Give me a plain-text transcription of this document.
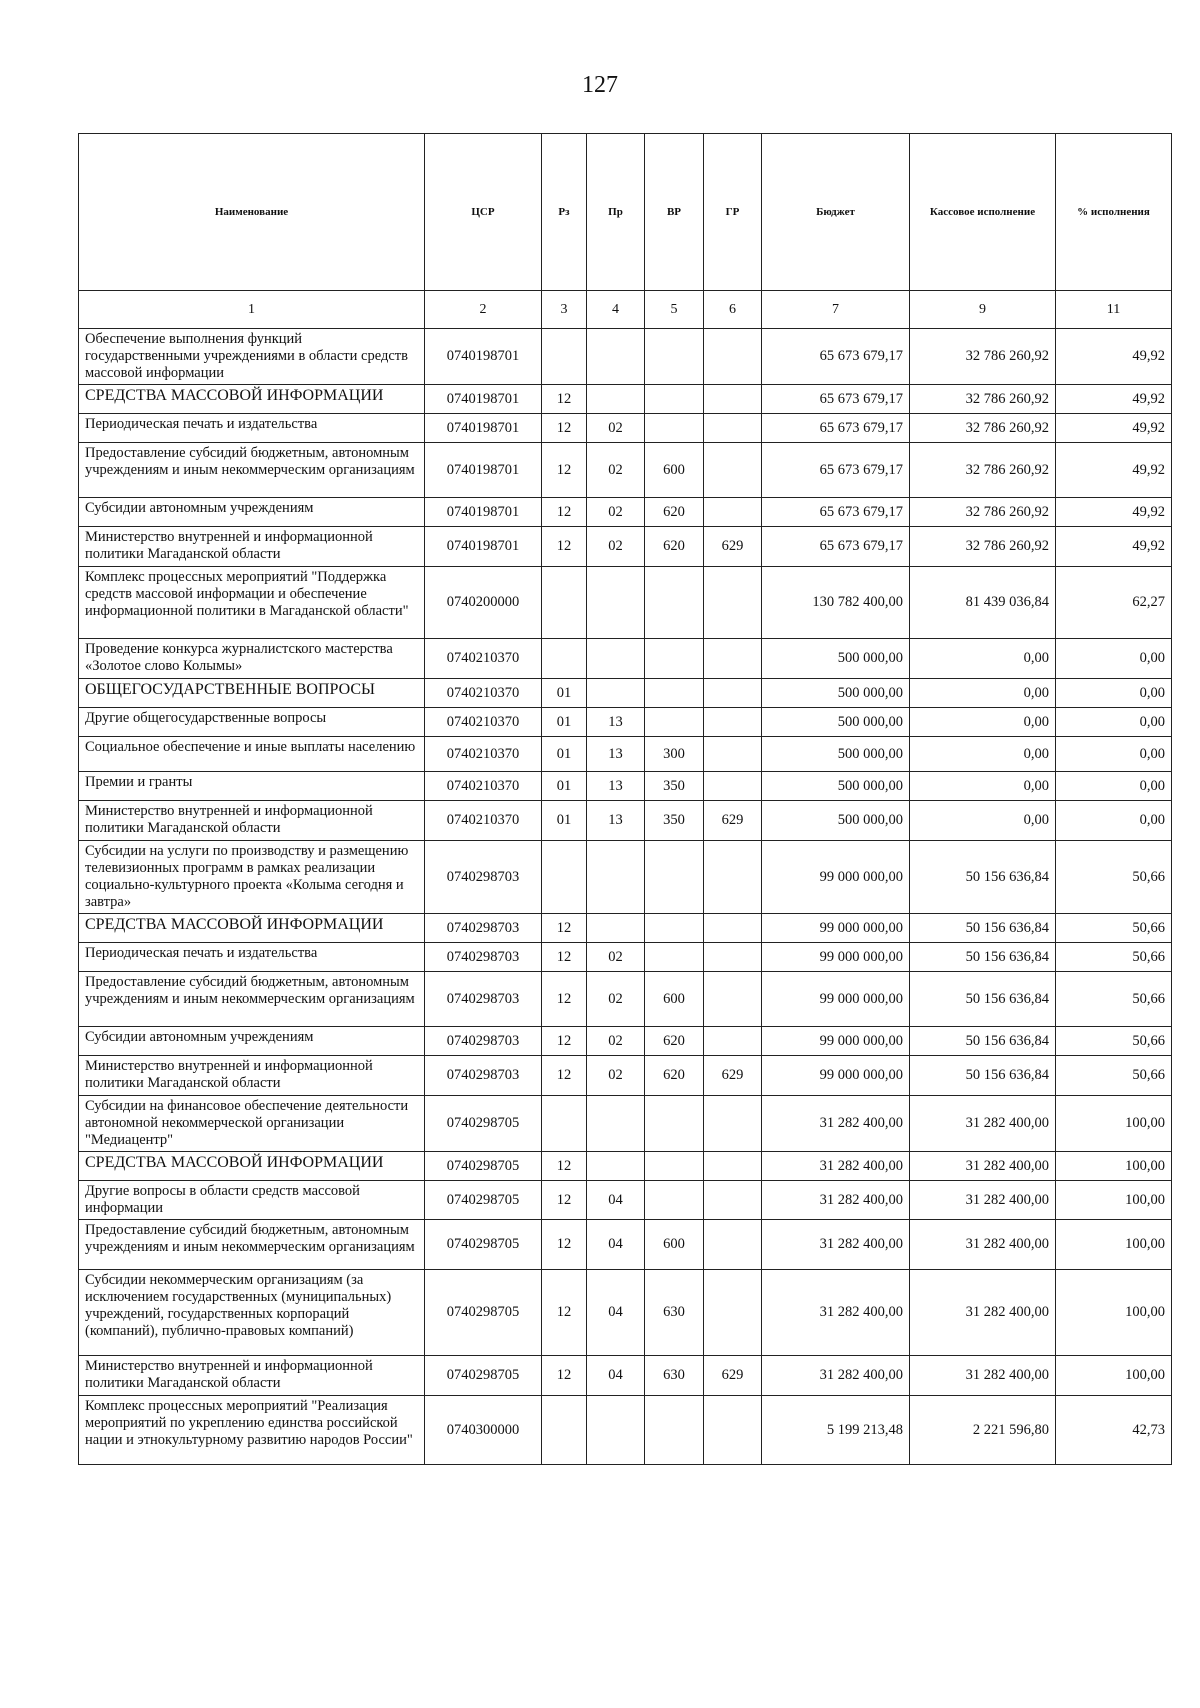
127
Наименование	ЦСР	Рз	Пр	ВР	ГР	Бюджет	Кассовое исполнение	% исполнения
1	2	3	4	5	6	7	9	11
Обеспечение выполнения функций государственными учреждениями в области средств массовой информации	0740198701					65 673 679,17	32 786 260,92	49,92
СРЕДСТВА МАССОВОЙ ИНФОРМАЦИИ	0740198701	12				65 673 679,17	32 786 260,92	49,92
Периодическая печать и издательства	0740198701	12	02			65 673 679,17	32 786 260,92	49,92
Предоставление субсидий бюджетным, автономным учреждениям и иным некоммерческим организациям	0740198701	12	02	600		65 673 679,17	32 786 260,92	49,92
Субсидии автономным учреждениям	0740198701	12	02	620		65 673 679,17	32 786 260,92	49,92
Министерство внутренней и информационной политики Магаданской области	0740198701	12	02	620	629	65 673 679,17	32 786 260,92	49,92
Комплекс процессных мероприятий "Поддержка средств массовой информации и обеспечение информационной политики в Магаданской области"	0740200000					130 782 400,00	81 439 036,84	62,27
Проведение конкурса журналистского мастерства «Золотое слово Колымы»	0740210370					500 000,00	0,00	0,00
ОБЩЕГОСУДАРСТВЕННЫЕ ВОПРОСЫ	0740210370	01				500 000,00	0,00	0,00
Другие общегосударственные вопросы	0740210370	01	13			500 000,00	0,00	0,00
Социальное обеспечение и иные выплаты населению	0740210370	01	13	300		500 000,00	0,00	0,00
Премии и гранты	0740210370	01	13	350		500 000,00	0,00	0,00
Министерство внутренней и информационной политики Магаданской области	0740210370	01	13	350	629	500 000,00	0,00	0,00
Субсидии на услуги по производству и размещению телевизионных программ в рамках реализации социально-культурного проекта «Колыма сегодня и завтра»	0740298703					99 000 000,00	50 156 636,84	50,66
СРЕДСТВА МАССОВОЙ ИНФОРМАЦИИ	0740298703	12				99 000 000,00	50 156 636,84	50,66
Периодическая печать и издательства	0740298703	12	02			99 000 000,00	50 156 636,84	50,66
Предоставление субсидий бюджетным, автономным учреждениям и иным некоммерческим организациям	0740298703	12	02	600		99 000 000,00	50 156 636,84	50,66
Субсидии автономным учреждениям	0740298703	12	02	620		99 000 000,00	50 156 636,84	50,66
Министерство внутренней и информационной политики Магаданской области	0740298703	12	02	620	629	99 000 000,00	50 156 636,84	50,66
Субсидии на финансовое обеспечение деятельности автономной некоммерческой организации "Медиацентр"	0740298705					31 282 400,00	31 282 400,00	100,00
СРЕДСТВА МАССОВОЙ ИНФОРМАЦИИ	0740298705	12				31 282 400,00	31 282 400,00	100,00
Другие вопросы в области средств массовой информации	0740298705	12	04			31 282 400,00	31 282 400,00	100,00
Предоставление субсидий бюджетным, автономным учреждениям и иным некоммерческим организациям	0740298705	12	04	600		31 282 400,00	31 282 400,00	100,00
Субсидии некоммерческим организациям (за исключением государственных (муниципальных) учреждений, государственных корпораций (компаний), публично-правовых компаний)	0740298705	12	04	630		31 282 400,00	31 282 400,00	100,00
Министерство внутренней и информационной политики Магаданской области	0740298705	12	04	630	629	31 282 400,00	31 282 400,00	100,00
Комплекс процессных мероприятий "Реализация мероприятий по укреплению единства российской нации и этнокультурному развитию народов России"	0740300000					5 199 213,48	2 221 596,80	42,73
